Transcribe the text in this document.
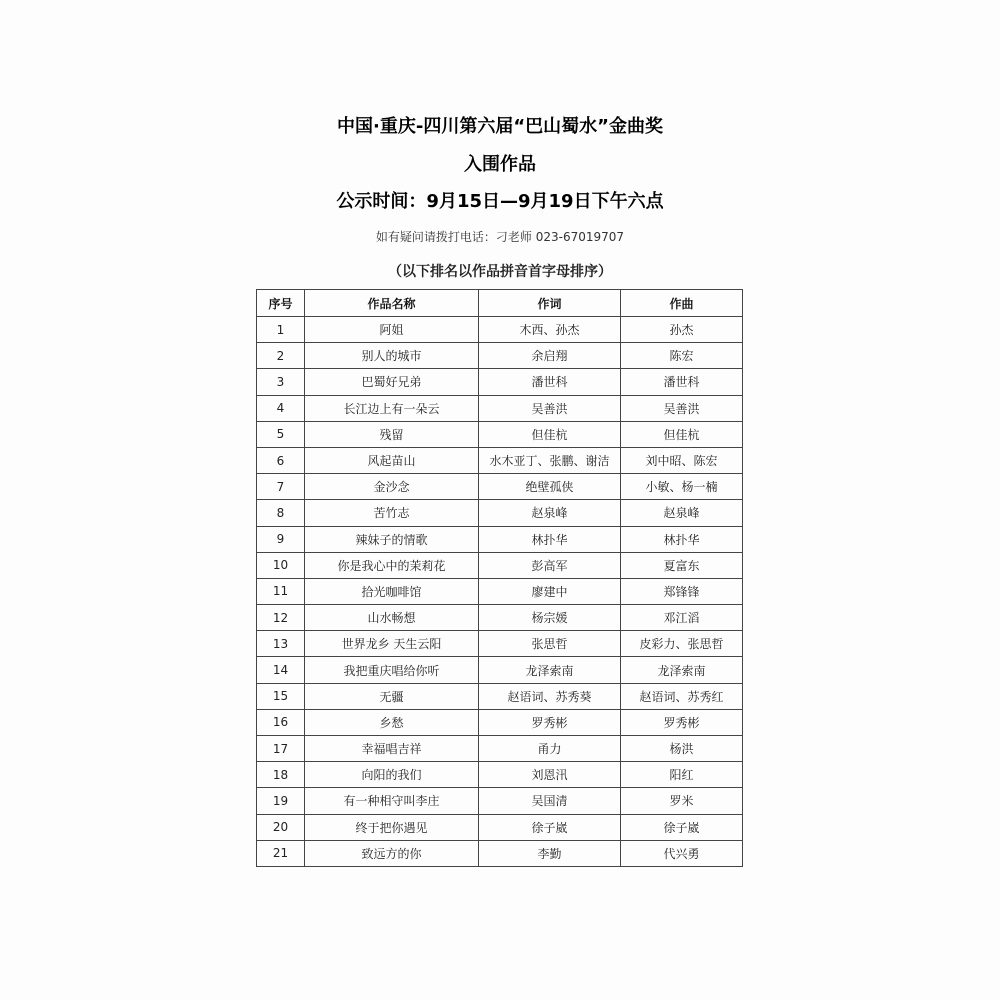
中国·重庆-四川第六届“巴山蜀水”金曲奖
入围作品
公示时间：9月15日—9月19日下午六点
如有疑问请拨打电话：刁老师 023-67019707
（以下排名以作品拼音首字母排序）
序号	作品名称	作词	作曲
1	阿姐	木西、孙杰	孙杰
2	别人的城市	余启翔	陈宏
3	巴蜀好兄弟	潘世科	潘世科
4	长江边上有一朵云	吴善洪	吴善洪
5	残留	但佳杭	但佳杭
6	风起苗山	水木亚丁、张鹏、谢洁	刘中昭、陈宏
7	金沙念	绝壁孤侠	小敏、杨一楠
8	苦竹志	赵泉峰	赵泉峰
9	辣妹子的情歌	林扑华	林扑华
10	你是我心中的茉莉花	彭高军	夏富东
11	拾光咖啡馆	廖建中	郑锋锋
12	山水畅想	杨宗媛	邓江滔
13	世界龙乡 天生云阳	张思哲	皮彩力、张思哲
14	我把重庆唱给你听	龙泽索南	龙泽索南
15	无疆	赵语词、苏秀葵	赵语词、苏秀红
16	乡愁	罗秀彬	罗秀彬
17	幸福唱吉祥	甬力	杨洪
18	向阳的我们	刘恩汛	阳红
19	有一种相守叫李庄	吴国清	罗米
20	终于把你遇见	徐子崴	徐子崴
21	致远方的你	李勤	代兴勇
